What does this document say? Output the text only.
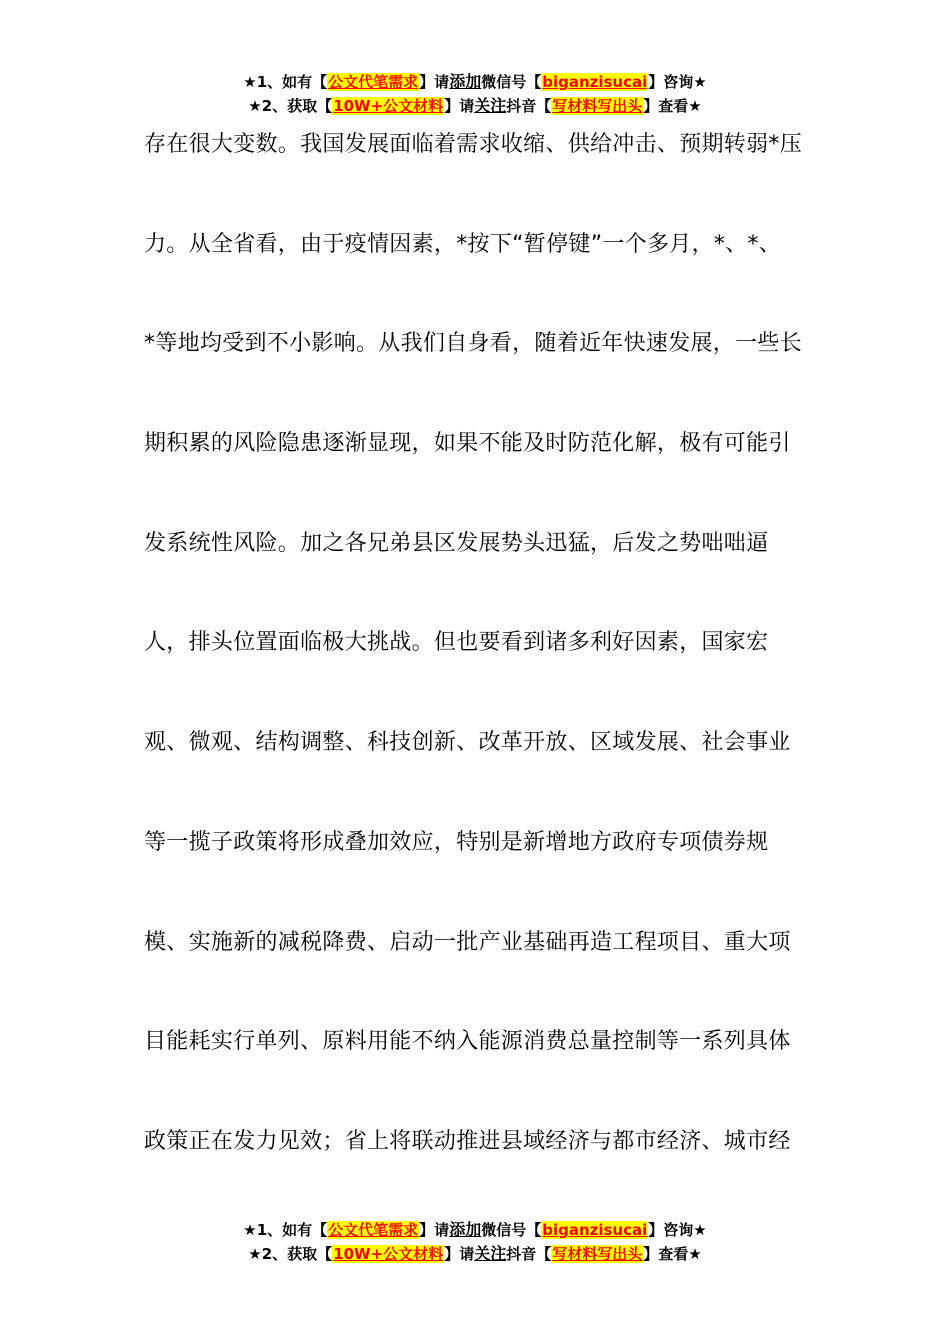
★1、如有【公文代笔需求】请添加微信号【biganzisucai】咨询★
★2、获取【10W+公文材料】请关注抖音【写材料写出头】查看★
存在很大变数。我国发展面临着需求收缩、供给冲击、预期转弱*压
力。从全省看，由于疫情因素，*按下“暂停键”一个多月，*、*、
*等地均受到不小影响。从我们自身看，随着近年快速发展，一些长
期积累的风险隐患逐渐显现，如果不能及时防范化解，极有可能引
发系统性风险。加之各兄弟县区发展势头迅猛，后发之势咄咄逼
人，排头位置面临极大挑战。但也要看到诸多利好因素，国家宏
观、微观、结构调整、科技创新、改革开放、区域发展、社会事业
等一揽子政策将形成叠加效应，特别是新增地方政府专项债券规
模、实施新的减税降费、启动一批产业基础再造工程项目、重大项
目能耗实行单列、原料用能不纳入能源消费总量控制等一系列具体
政策正在发力见效；省上将联动推进县域经济与都市经济、城市经
★1、如有【公文代笔需求】请添加微信号【biganzisucai】咨询★
★2、获取【10W+公文材料】请关注抖音【写材料写出头】查看★
